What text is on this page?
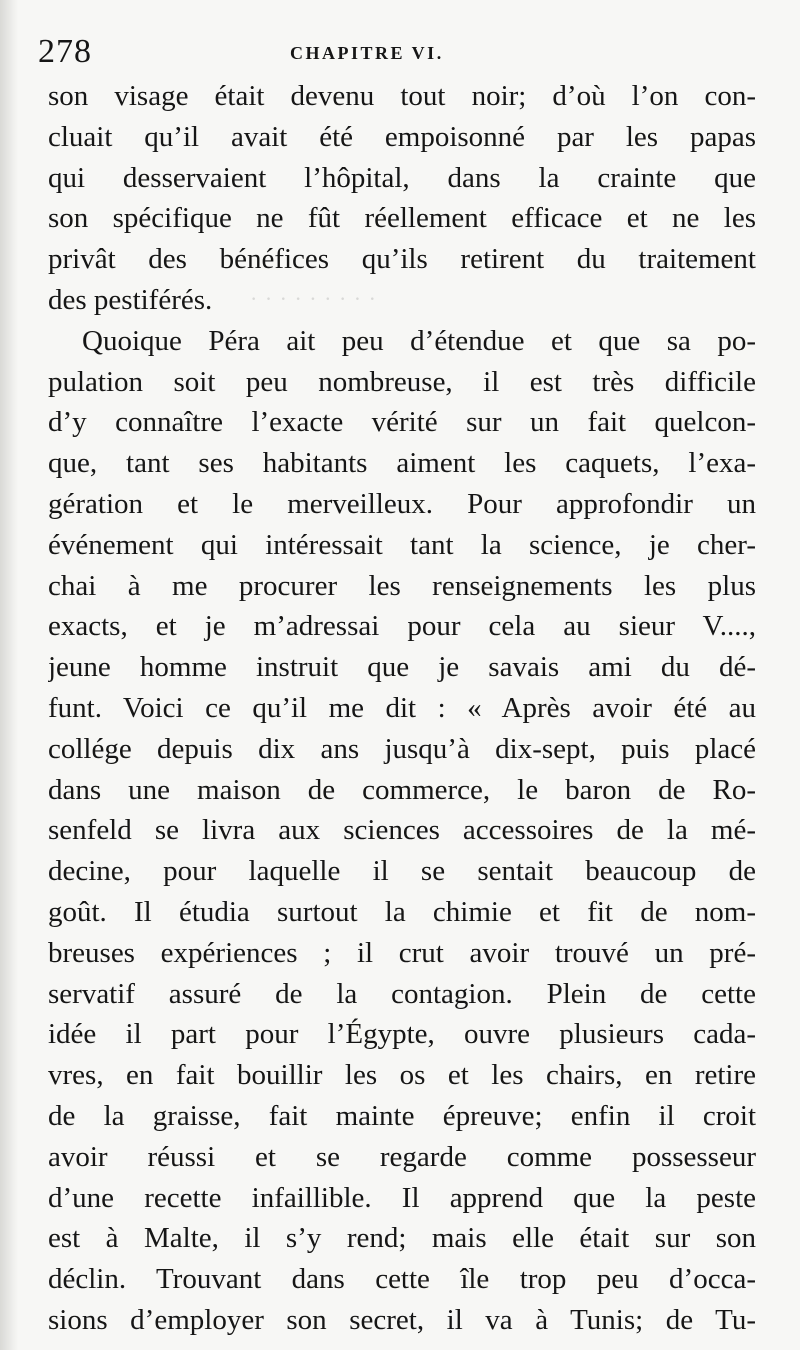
· · · · · · · · ·
278	CHAPITRE VI.
son visage était devenu tout noir; d’où l’on con-
cluait qu’il avait été empoisonné par les papas
qui desservaient l’hôpital, dans la crainte que
son spécifique ne fût réellement efficace et ne les
privât des bénéfices qu’ils retirent du traitement
des pestiférés.
Quoique Péra ait peu d’étendue et que sa po-
pulation soit peu nombreuse, il est très difficile
d’y connaître l’exacte vérité sur un fait quelcon-
que, tant ses habitants aiment les caquets, l’exa-
gération et le merveilleux. Pour approfondir un
événement qui intéressait tant la science, je cher-
chai à me procurer les renseignements les plus
exacts, et je m’adressai pour cela au sieur V....,
jeune homme instruit que je savais ami du dé-
funt. Voici ce qu’il me dit : « Après avoir été au
collége depuis dix ans jusqu’à dix-sept, puis placé
dans une maison de commerce, le baron de Ro-
senfeld se livra aux sciences accessoires de la mé-
decine, pour laquelle il se sentait beaucoup de
goût. Il étudia surtout la chimie et fit de nom-
breuses expériences ; il crut avoir trouvé un pré-
servatif assuré de la contagion. Plein de cette
idée il part pour l’Égypte, ouvre plusieurs cada-
vres, en fait bouillir les os et les chairs, en retire
de la graisse, fait mainte épreuve; enfin il croit
avoir réussi et se regarde comme possesseur
d’une recette infaillible. Il apprend que la peste
est à Malte, il s’y rend; mais elle était sur son
déclin. Trouvant dans cette île trop peu d’occa-
sions d’employer son secret, il va à Tunis; de Tu-
